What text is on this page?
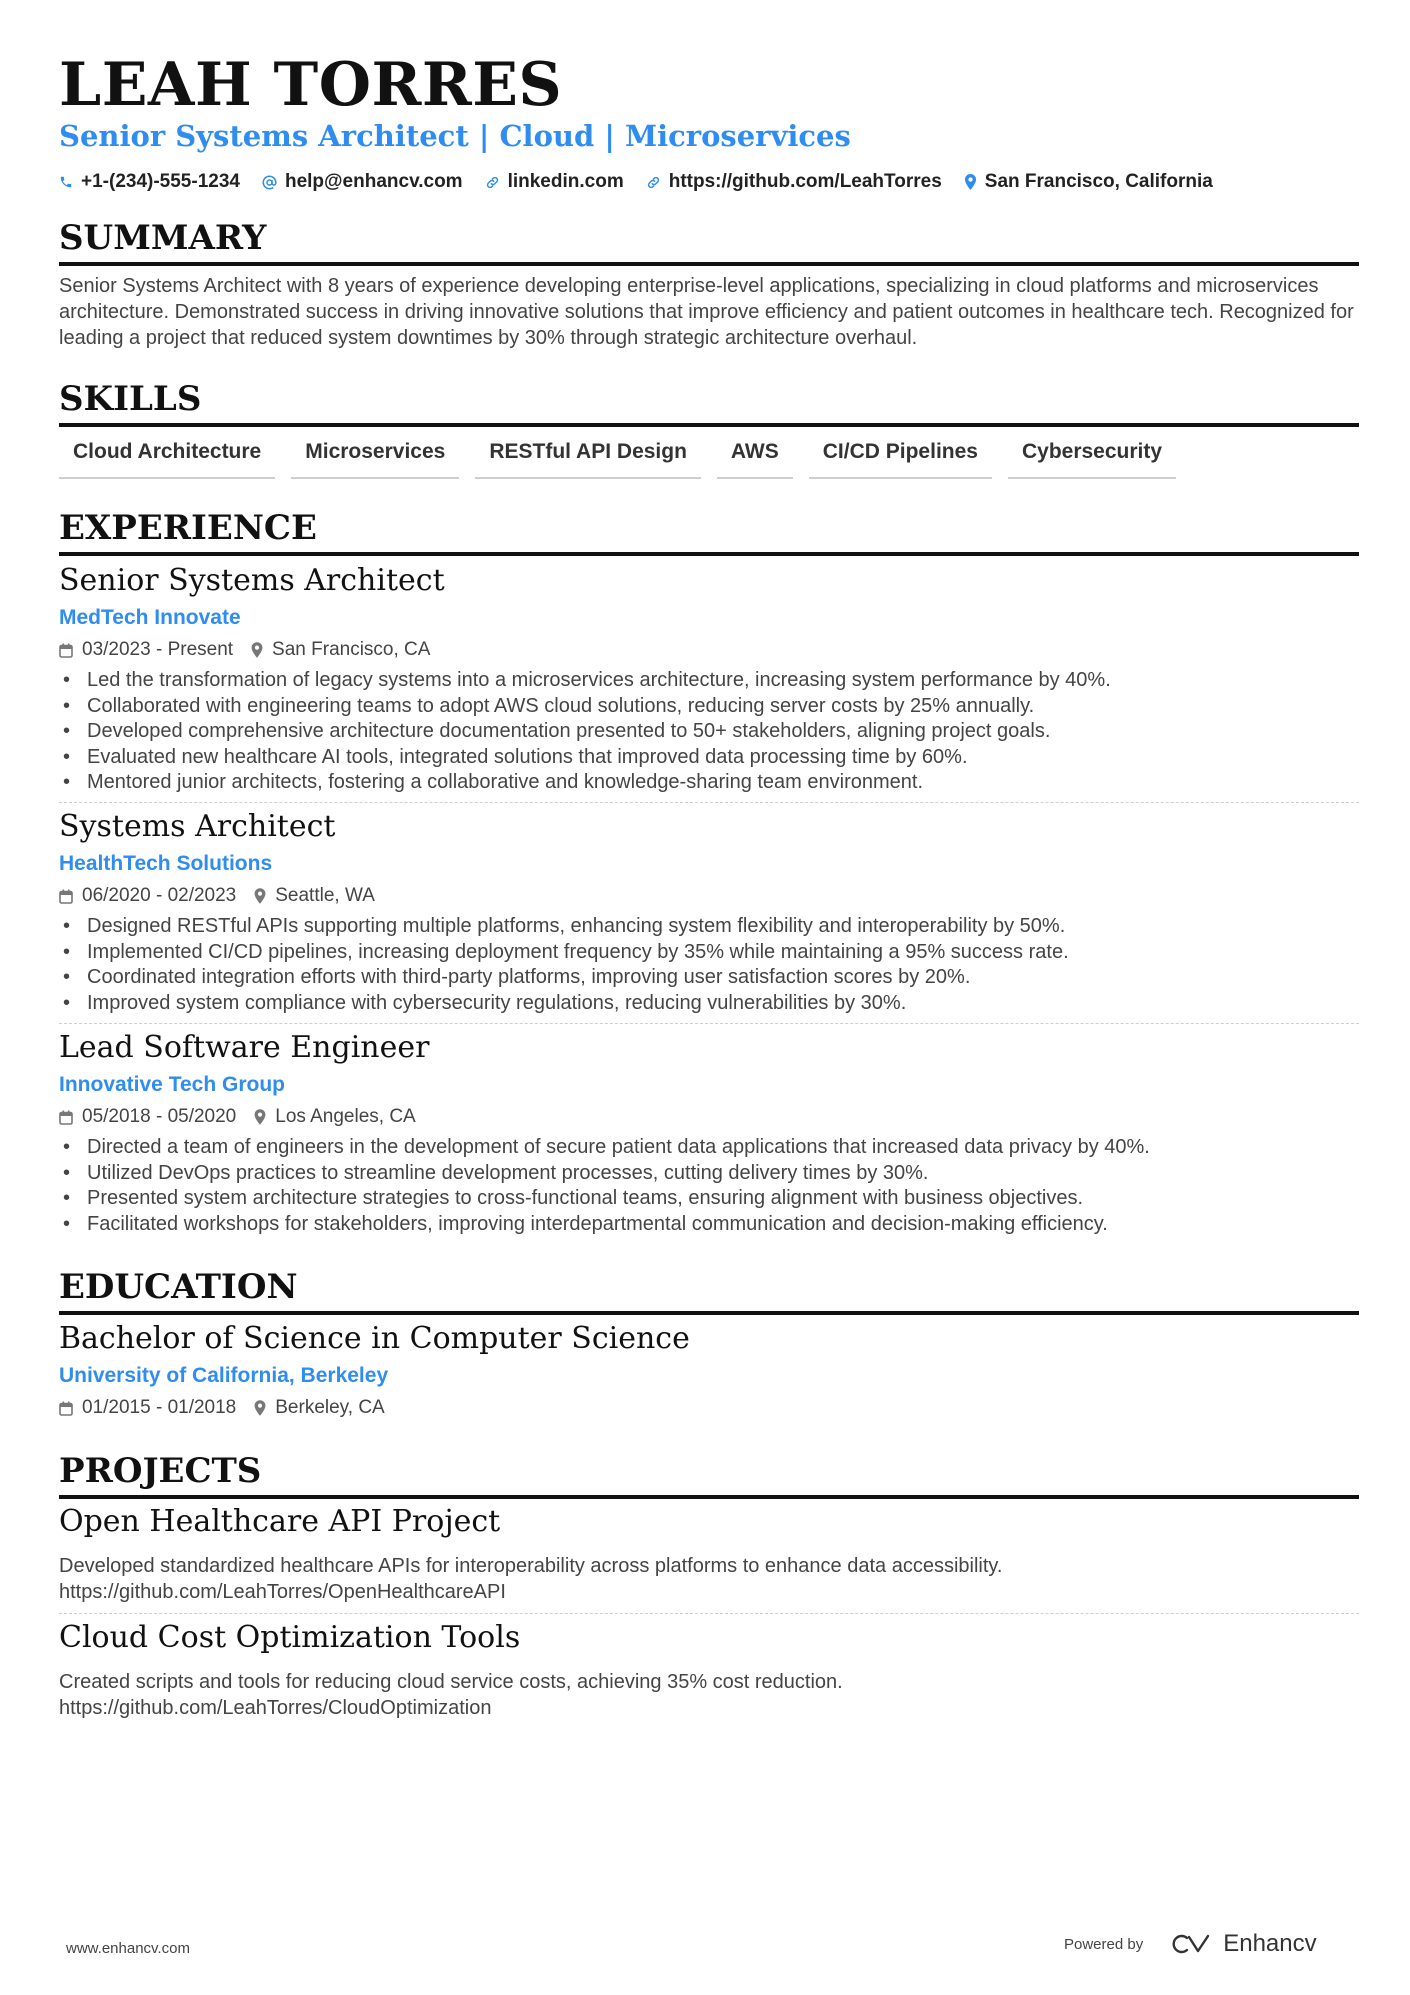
LEAH TORRES
Senior Systems Architect | Cloud | Microservices
+1-(234)-555-1234 help@enhancv.com linkedin.com https://github.com/LeahTorres San Francisco, California
SUMMARY
Senior Systems Architect with 8 years of experience developing enterprise-level applications, specializing in cloud platforms and microservices architecture. Demonstrated success in driving innovative solutions that improve efficiency and patient outcomes in healthcare tech. Recognized for leading a project that reduced system downtimes by 30% through strategic architecture overhaul.
SKILLS
Cloud Architecture	Microservices	RESTful API Design	AWS	CI/CD Pipelines	Cybersecurity
EXPERIENCE
Senior Systems Architect
MedTech Innovate
03/2023 - Present San Francisco, CA
• Led the transformation of legacy systems into a microservices architecture, increasing system performance by 40%.
• Collaborated with engineering teams to adopt AWS cloud solutions, reducing server costs by 25% annually.
• Developed comprehensive architecture documentation presented to 50+ stakeholders, aligning project goals.
• Evaluated new healthcare AI tools, integrated solutions that improved data processing time by 60%.
• Mentored junior architects, fostering a collaborative and knowledge-sharing team environment.
Systems Architect
HealthTech Solutions
06/2020 - 02/2023 Seattle, WA
• Designed RESTful APIs supporting multiple platforms, enhancing system flexibility and interoperability by 50%.
• Implemented CI/CD pipelines, increasing deployment frequency by 35% while maintaining a 95% success rate.
• Coordinated integration efforts with third-party platforms, improving user satisfaction scores by 20%.
• Improved system compliance with cybersecurity regulations, reducing vulnerabilities by 30%.
Lead Software Engineer
Innovative Tech Group
05/2018 - 05/2020 Los Angeles, CA
• Directed a team of engineers in the development of secure patient data applications that increased data privacy by 40%.
• Utilized DevOps practices to streamline development processes, cutting delivery times by 30%.
• Presented system architecture strategies to cross-functional teams, ensuring alignment with business objectives.
• Facilitated workshops for stakeholders, improving interdepartmental communication and decision-making efficiency.
EDUCATION
Bachelor of Science in Computer Science
University of California, Berkeley
01/2015 - 01/2018 Berkeley, CA
PROJECTS
Open Healthcare API Project
Developed standardized healthcare APIs for interoperability across platforms to enhance data accessibility.
https://github.com/LeahTorres/OpenHealthcareAPI
Cloud Cost Optimization Tools
Created scripts and tools for reducing cloud service costs, achieving 35% cost reduction.
https://github.com/LeahTorres/CloudOptimization
www.enhancv.com	Powered by	Enhancv
